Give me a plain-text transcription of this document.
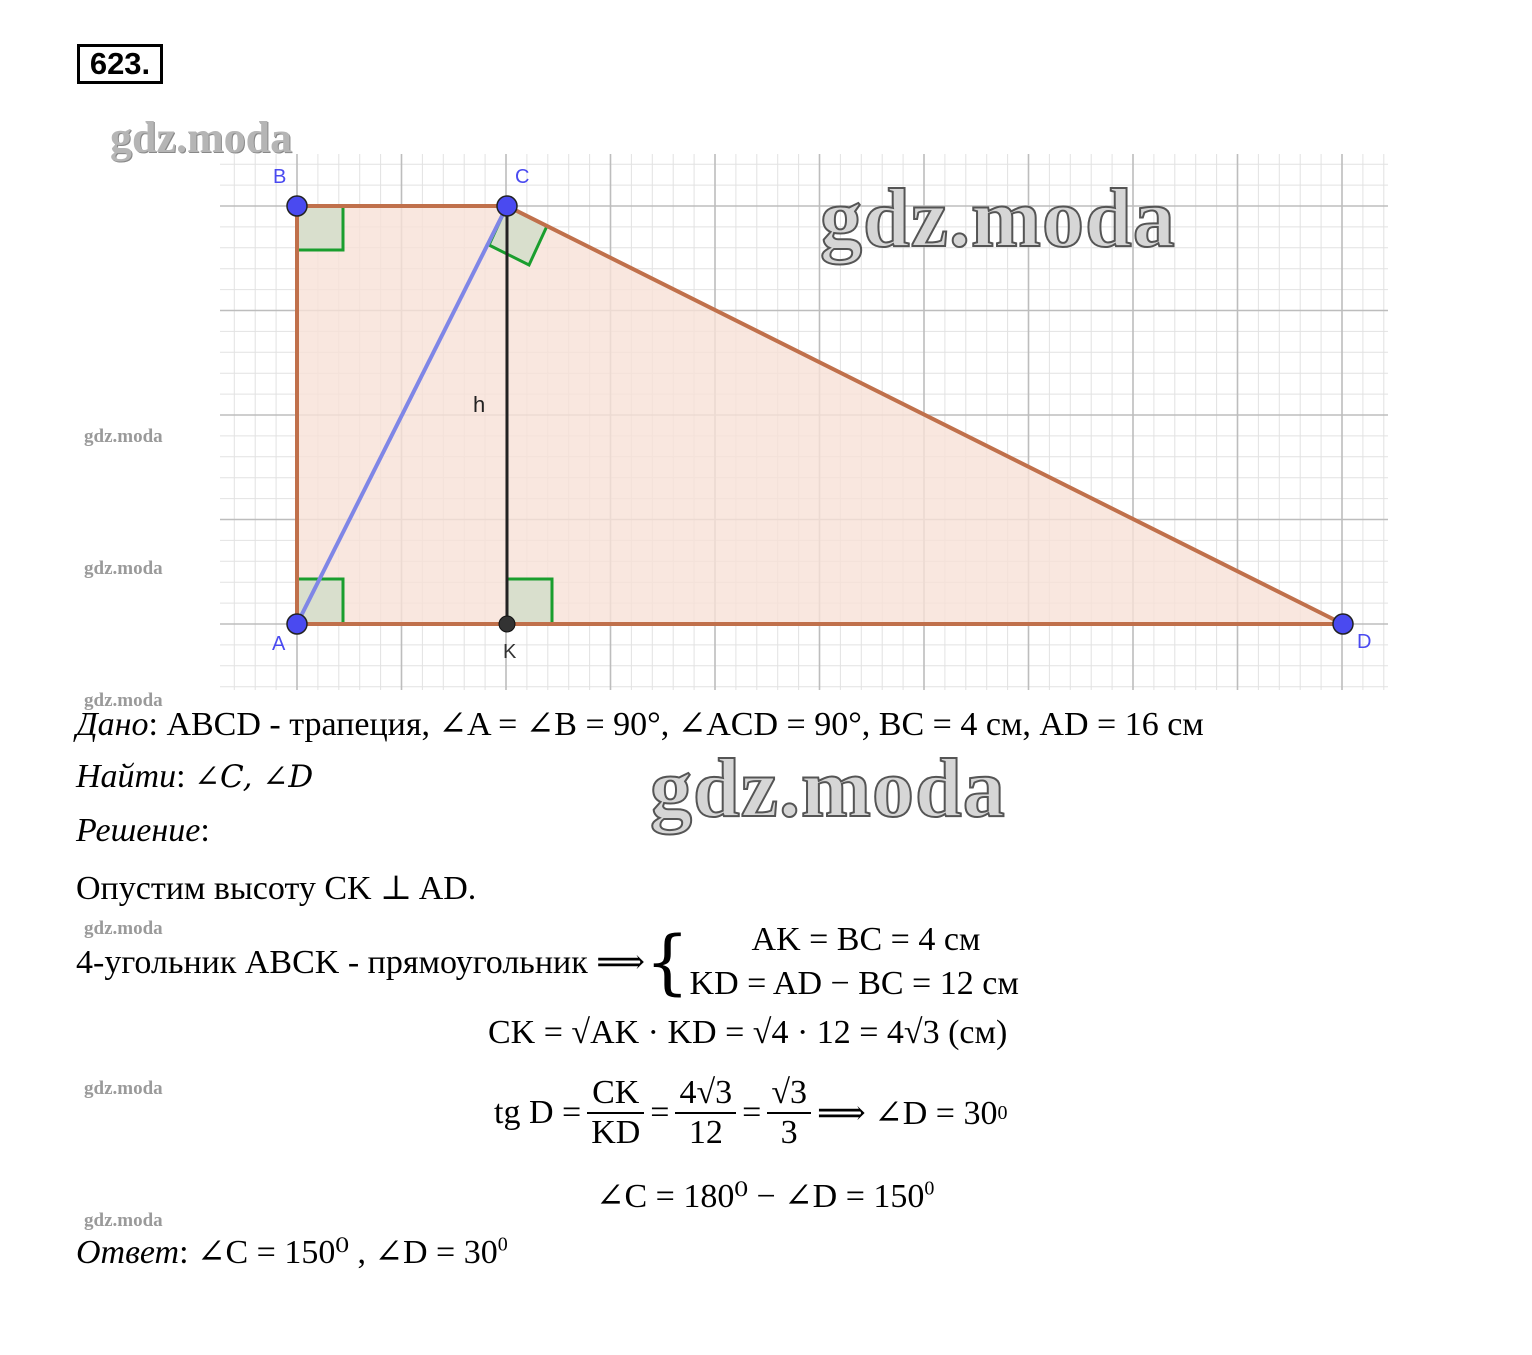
623.
B	C
A	D
K
h
gdz.moda
gdz.moda
gdz.moda
gdz.moda
gdz.moda
gdz.moda
gdz.moda
gdz.moda
gdz.moda
Дано: ABCD - трапеция, ∠A = ∠B = 90°, ∠ACD = 90°, BC = 4 см, AD = 16 см
Найти: ∠C, ∠D
Решение:
Опустим высоту CK ⊥ AD.
4-угольник ABCK - прямоугольник ⟹ {	AK = BC = 4 см
KD = AD − BC = 12 см
CK = √AK · KD = √4 · 12 = 4√3 (см)
tg $D = \frac{CK}{KD} = \frac{4√3}{12} = \frac{√3}{3}$ ⟹ ∠D = 30 0
∠C = 180⁰ − ∠D = $150^0$
Ответ: ∠C = 150⁰ , ∠D = $30^0$
